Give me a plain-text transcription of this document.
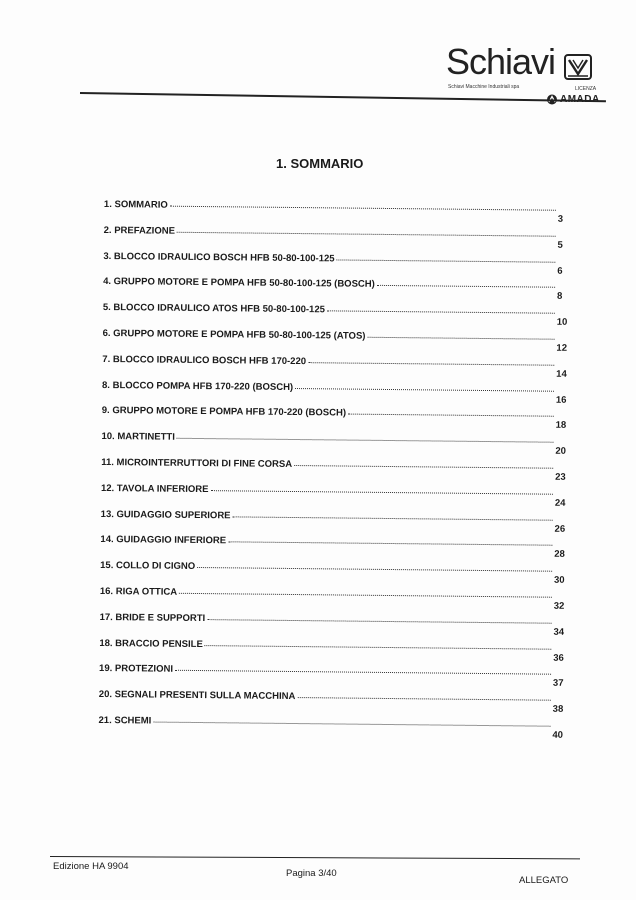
Schiavi
Schiavi Macchine Industriali spa	LICENZA
AMADA
1. SOMMARIO
1. SOMMARIO
3
2. PREFAZIONE
5
3. BLOCCO IDRAULICO BOSCH HFB 50-80-100-125
6
4. GRUPPO MOTORE E POMPA HFB 50-80-100-125 (BOSCH)
8
5. BLOCCO IDRAULICO ATOS HFB 50-80-100-125
10
6. GRUPPO MOTORE E POMPA HFB 50-80-100-125 (ATOS)
12
7. BLOCCO IDRAULICO BOSCH HFB 170-220
14
8. BLOCCO POMPA HFB 170-220 (BOSCH)
16
9. GRUPPO MOTORE E POMPA HFB 170-220 (BOSCH)
18
10. MARTINETTI
20
11. MICROINTERRUTTORI DI FINE CORSA
23
12. TAVOLA INFERIORE
24
13. GUIDAGGIO SUPERIORE
26
14. GUIDAGGIO INFERIORE
28
15. COLLO DI CIGNO
30
16. RIGA OTTICA
32
17. BRIDE E SUPPORTI
34
18. BRACCIO PENSILE
36
19. PROTEZIONI
37
20. SEGNALI PRESENTI SULLA MACCHINA
38
21. SCHEMI
40
Edizione HA 9904
Pagina 3/40
ALLEGATO
